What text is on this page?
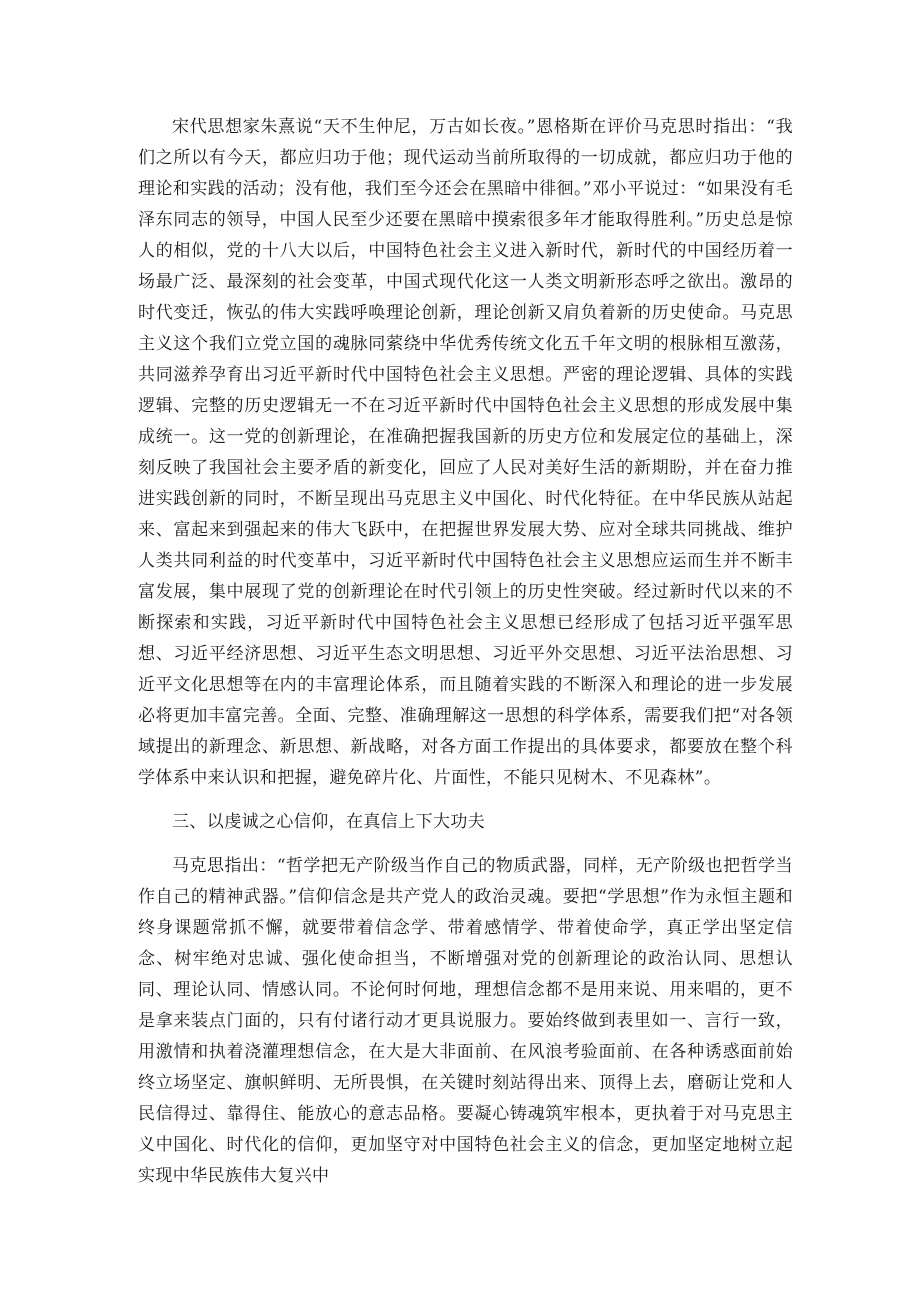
宋代思想家朱熹说“天不生仲尼，万古如长夜。”恩格斯在评价马克思时指出：“我们之所以有今天，都应归功于他；现代运动当前所取得的一切成就，都应归功于他的理论和实践的活动；没有他，我们至今还会在黑暗中徘徊。”邓小平说过：“如果没有毛泽东同志的领导，中国人民至少还要在黑暗中摸索很多年才能取得胜利。”历史总是惊人的相似，党的十八大以后，中国特色社会主义进入新时代，新时代的中国经历着一场最广泛、最深刻的社会变革，中国式现代化这一人类文明新形态呼之欲出。激昂的时代变迁，恢弘的伟大实践呼唤理论创新，理论创新又肩负着新的历史使命。马克思主义这个我们立党立国的魂脉同萦绕中华优秀传统文化五千年文明的根脉相互激荡，共同滋养孕育出习近平新时代中国特色社会主义思想。严密的理论逻辑、具体的实践逻辑、完整的历史逻辑无一不在习近平新时代中国特色社会主义思想的形成发展中集成统一。这一党的创新理论，在准确把握我国新的历史方位和发展定位的基础上，深刻反映了我国社会主要矛盾的新变化，回应了人民对美好生活的新期盼，并在奋力推进实践创新的同时，不断呈现出马克思主义中国化、时代化特征。在中华民族从站起来、富起来到强起来的伟大飞跃中，在把握世界发展大势、应对全球共同挑战、维护人类共同利益的时代变革中，习近平新时代中国特色社会主义思想应运而生并不断丰富发展，集中展现了党的创新理论在时代引领上的历史性突破。经过新时代以来的不断探索和实践，习近平新时代中国特色社会主义思想已经形成了包括习近平强军思想、习近平经济思想、习近平生态文明思想、习近平外交思想、习近平法治思想、习近平文化思想等在内的丰富理论体系，而且随着实践的不断深入和理论的进一步发展必将更加丰富完善。全面、完整、准确理解这一思想的科学体系，需要我们把“对各领域提出的新理念、新思想、新战略，对各方面工作提出的具体要求，都要放在整个科学体系中来认识和把握，避免碎片化、片面性，不能只见树木、不见森林”。

三、以虔诚之心信仰，在真信上下大功夫

马克思指出：“哲学把无产阶级当作自己的物质武器，同样，无产阶级也把哲学当作自己的精神武器。”信仰信念是共产党人的政治灵魂。要把“学思想”作为永恒主题和终身课题常抓不懈，就要带着信念学、带着感情学、带着使命学，真正学出坚定信念、树牢绝对忠诚、强化使命担当，不断增强对党的创新理论的政治认同、思想认同、理论认同、情感认同。不论何时何地，理想信念都不是用来说、用来唱的，更不是拿来装点门面的，只有付诸行动才更具说服力。要始终做到表里如一、言行一致，用激情和执着浇灌理想信念，在大是大非面前、在风浪考验面前、在各种诱惑面前始终立场坚定、旗帜鲜明、无所畏惧，在关键时刻站得出来、顶得上去，磨砺让党和人民信得过、靠得住、能放心的意志品格。要凝心铸魂筑牢根本，更执着于对马克思主义中国化、时代化的信仰，更加坚守对中国特色社会主义的信念，更加坚定地树立起实现中华民族伟大复兴中
